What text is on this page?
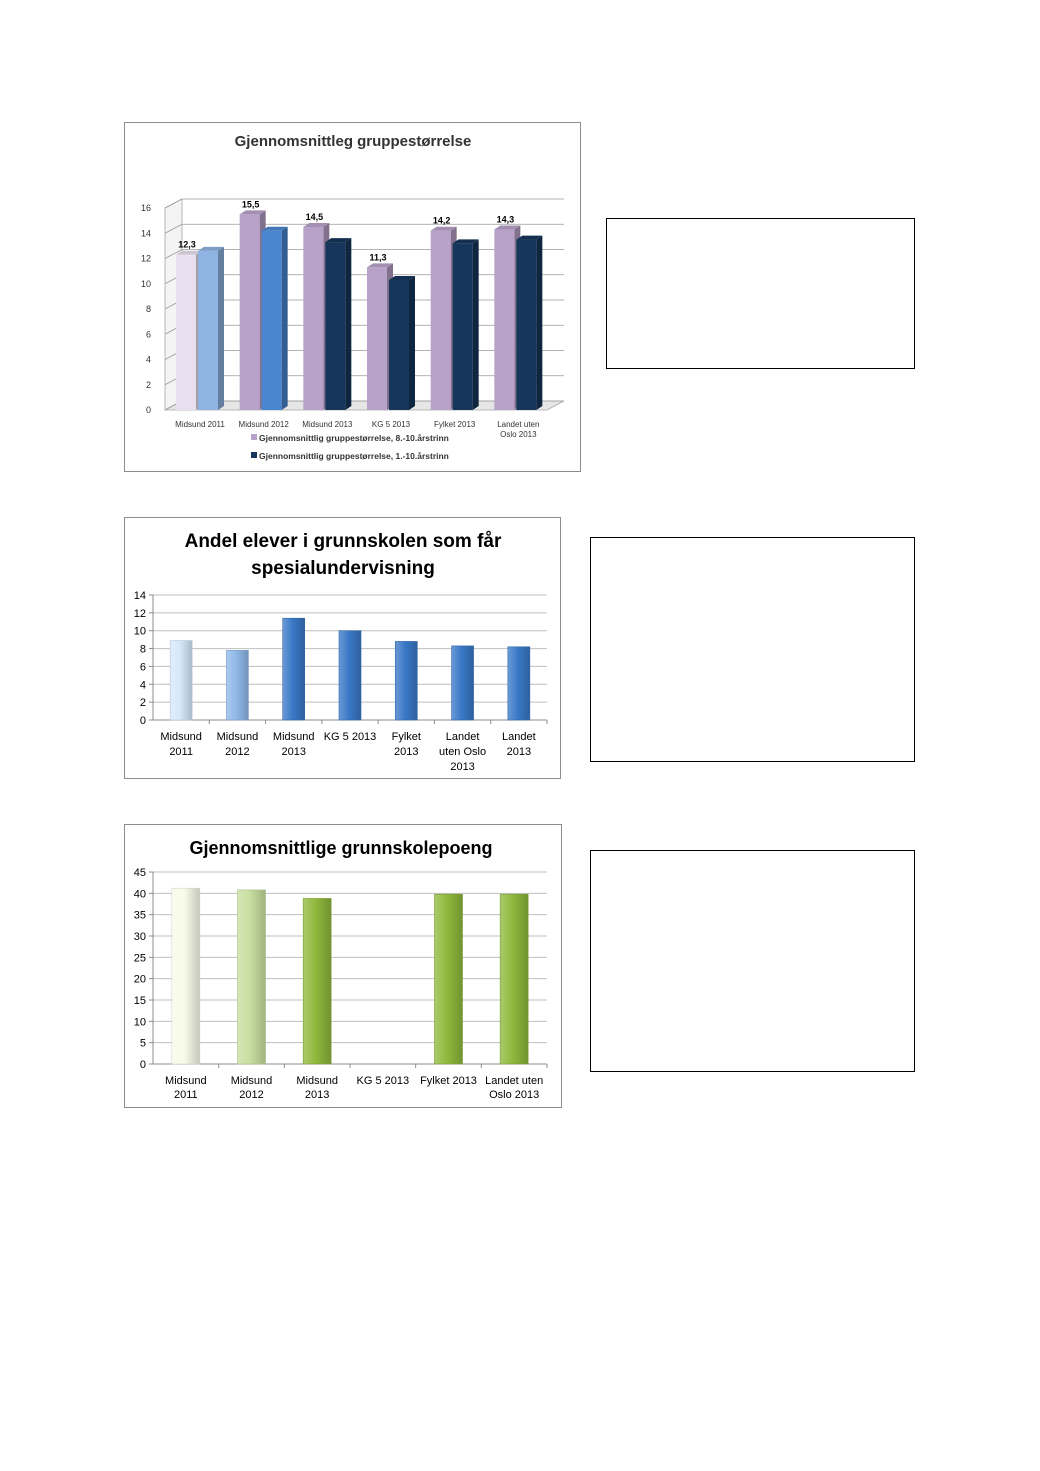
Gjennomsnittleg gruppestørrelse
0
2
4
6
8
10
12
14
16
12,3
Midsund 2011
15,5
Midsund 2012
14,5
Midsund 2013
11,3
KG 5 2013
14,2
Fylket 2013
14,3
Landet uten
Oslo 2013
Gjennomsnittlig gruppestørrelse, 8.-10.årstrinn
Gjennomsnittlig gruppestørrelse, 1.-10.årstrinn
Andel elever i grunnskolen som får
spesialundervisning
0
2
4
6
8
10
12
14
Midsund
2011
Midsund
2012
Midsund
2013
KG 5 2013 Fylket
2013
Landet
uten Oslo
2013
Landet
2013
Gjennomsnittlige grunnskolepoeng
0
5
10
15
20
25
30
35
40
45
Midsund
2011
Midsund
2012
Midsund
2013
KG 5 2013 Fylket 2013 Landet uten
Oslo 2013
